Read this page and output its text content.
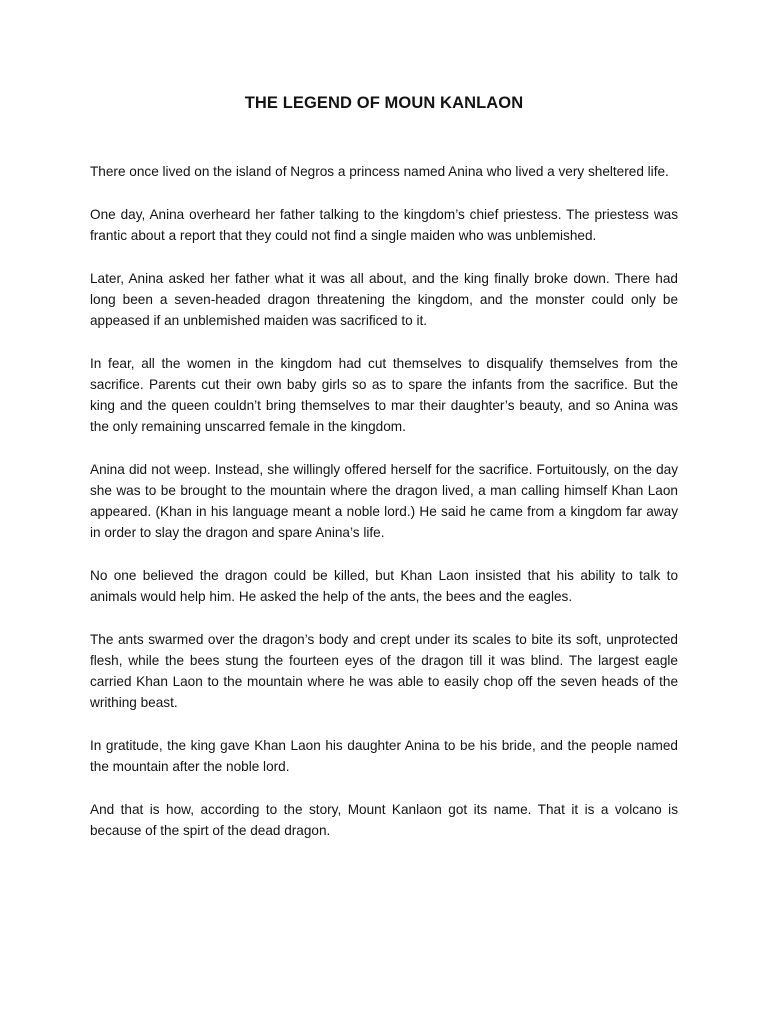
THE LEGEND OF MOUN KANLAON

There once lived on the island of Negros a princess named Anina who lived a very sheltered life.

One day, Anina overheard her father talking to the kingdom’s chief priestess. The priestess was frantic about a report that they could not find a single maiden who was unblemished.

Later, Anina asked her father what it was all about, and the king finally broke down. There had long been a seven-headed dragon threatening the kingdom, and the monster could only be appeased if an unblemished maiden was sacrificed to it.

In fear, all the women in the kingdom had cut themselves to disqualify themselves from the sacrifice. Parents cut their own baby girls so as to spare the infants from the sacrifice. But the king and the queen couldn’t bring themselves to mar their daughter’s beauty, and so Anina was the only remaining unscarred female in the kingdom.

Anina did not weep. Instead, she willingly offered herself for the sacrifice. Fortuitously, on the day she was to be brought to the mountain where the dragon lived, a man calling himself Khan Laon appeared. (Khan in his language meant a noble lord.) He said he came from a kingdom far away in order to slay the dragon and spare Anina’s life.

No one believed the dragon could be killed, but Khan Laon insisted that his ability to talk to animals would help him. He asked the help of the ants, the bees and the eagles.

The ants swarmed over the dragon’s body and crept under its scales to bite its soft, unprotected flesh, while the bees stung the fourteen eyes of the dragon till it was blind. The largest eagle carried Khan Laon to the mountain where he was able to easily chop off the seven heads of the writhing beast.

In gratitude, the king gave Khan Laon his daughter Anina to be his bride, and the people named the mountain after the noble lord.

And that is how, according to the story, Mount Kanlaon got its name. That it is a volcano is because of the spirt of the dead dragon.
